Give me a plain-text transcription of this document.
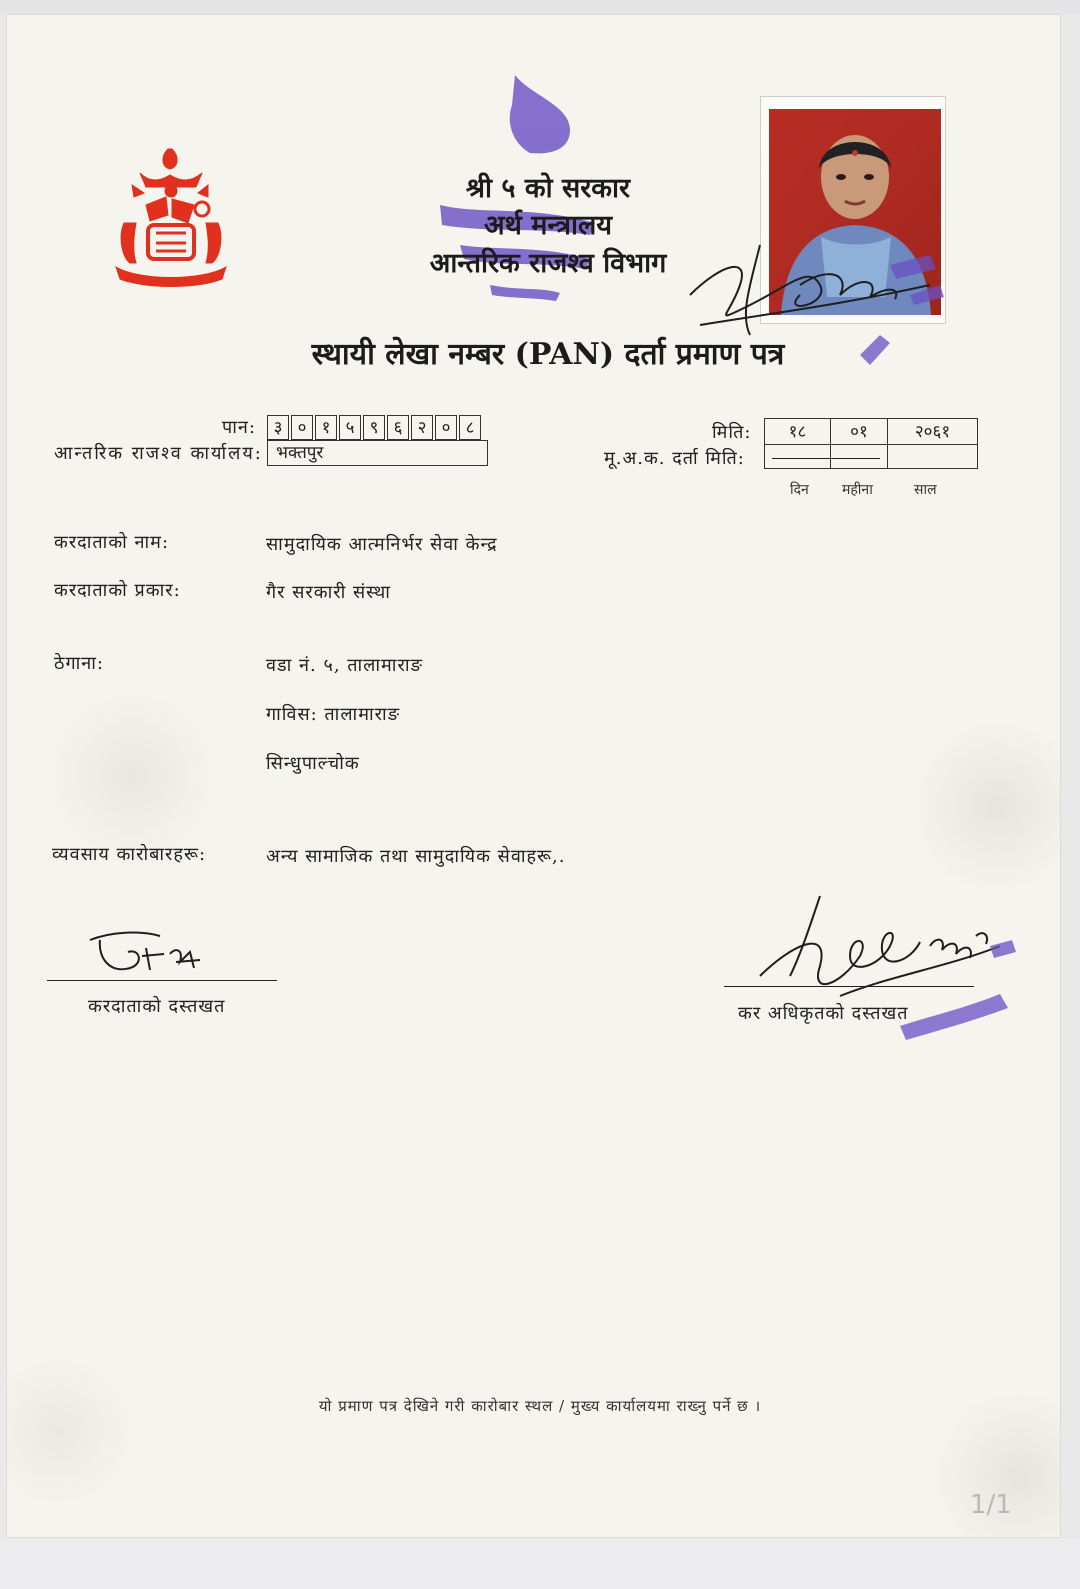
श्री ५ को सरकार
अर्थ मन्त्रालय
आन्तरिक राजश्व विभाग
स्थायी लेखा नम्बर (PAN) दर्ता प्रमाण पत्र
पान:	३ ० १ ५ ९ ६ २ ० ८
आन्तरिक राजश्व कार्यालय: भक्तपुर
मिति:
मू.अ.क. दर्ता मिति:
१८	०१	२०६१
दिन महीना	साल
करदाताको नाम:	सामुदायिक आत्मनिर्भर सेवा केन्द्र
करदाताको प्रकार:	गैर सरकारी संस्था
ठेगाना:	वडा नं. ५, तालामाराङ
गाविस: तालामाराङ
सिन्धुपाल्चोक
व्यवसाय कारोबारहरू:	अन्य सामाजिक तथा सामुदायिक सेवाहरू,.
करदाताको दस्तखत	कर अधिकृतको दस्तखत
यो प्रमाण पत्र देखिने गरी कारोबार स्थल / मुख्य कार्यालयमा राख्नु पर्ने छ ।
1/1
